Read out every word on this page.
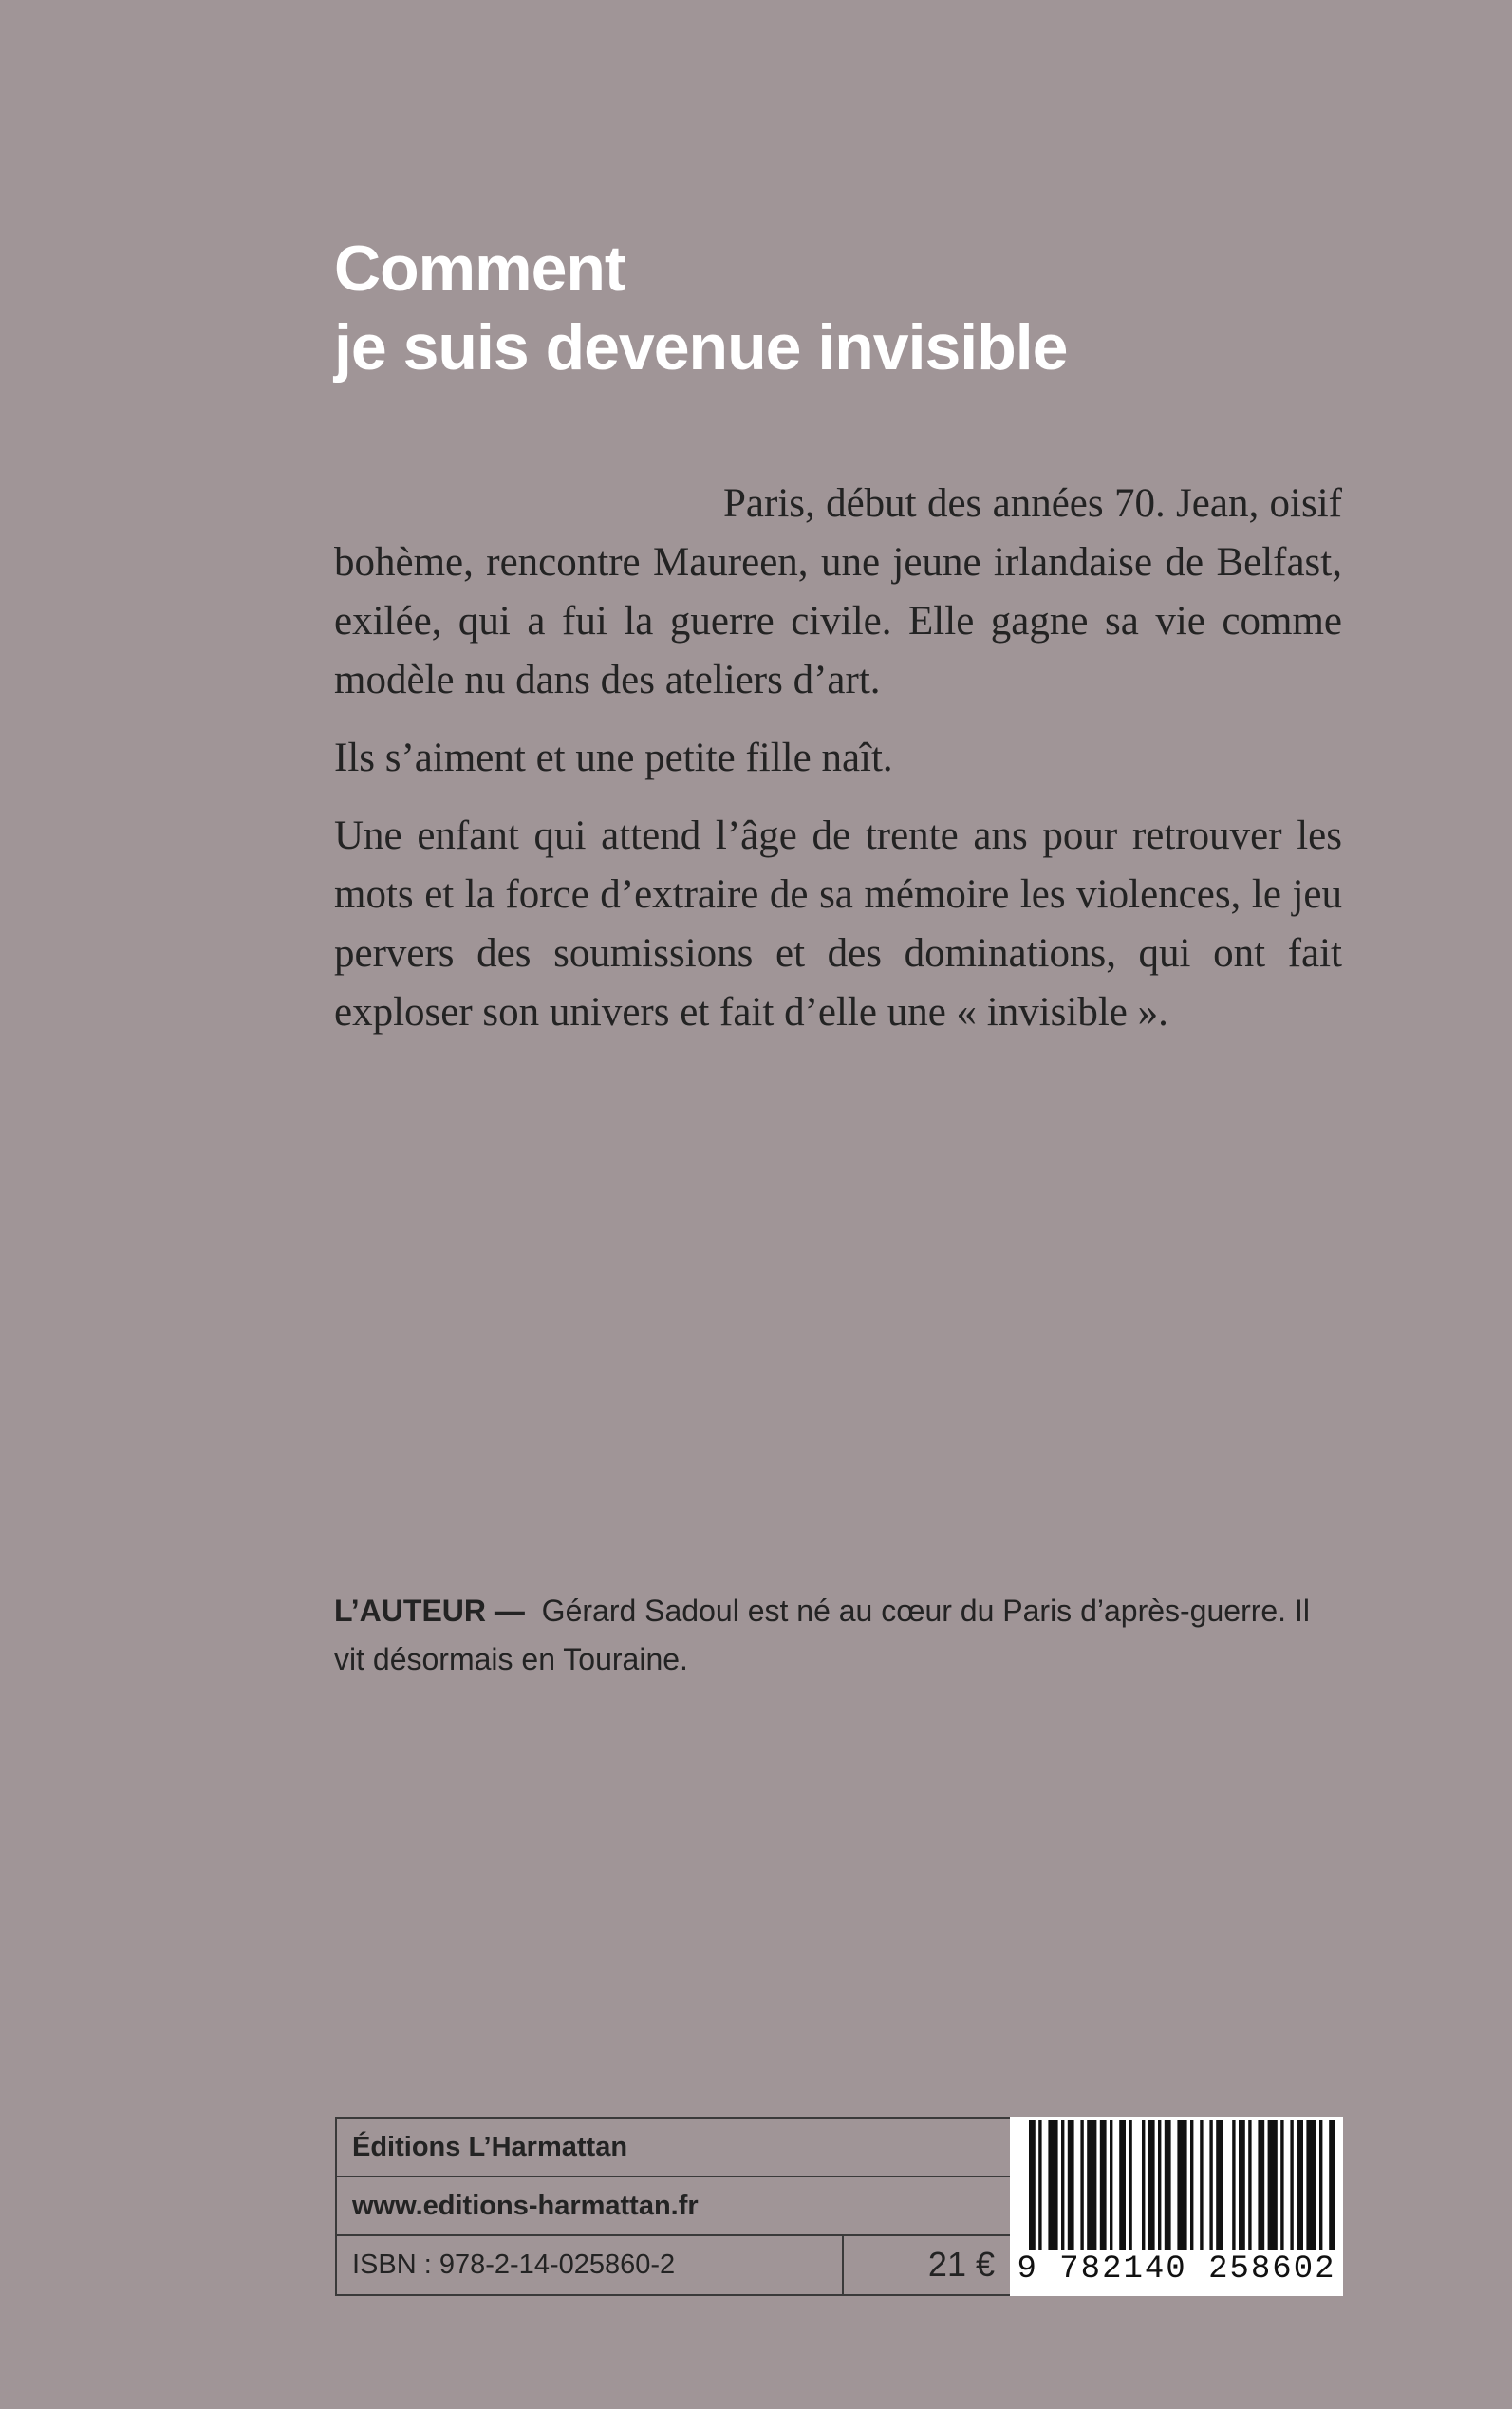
Comment
je suis devenue invisible

Paris, début des années 70. Jean, oisif bohème, rencontre Maureen, une jeune irlandaise de Belfast, exilée, qui a fui la guerre civile. Elle gagne sa vie comme modèle nu dans des ateliers d’art.

Ils s’aiment et une petite fille naît.

Une enfant qui attend l’âge de trente ans pour retrouver les mots et la force d’extraire de sa mémoire les violences, le jeu pervers des soumissions et des dominations, qui ont fait exploser son univers et fait d’elle une « invisible ».

L’AUTEUR — Gérard Sadoul est né au cœur du Paris d’après-guerre. Il vit désormais en Touraine.

Éditions L’Harmattan
www.editions-harmattan.fr
ISBN : 978-2-14-025860-2	21 € 9 782140 258602
